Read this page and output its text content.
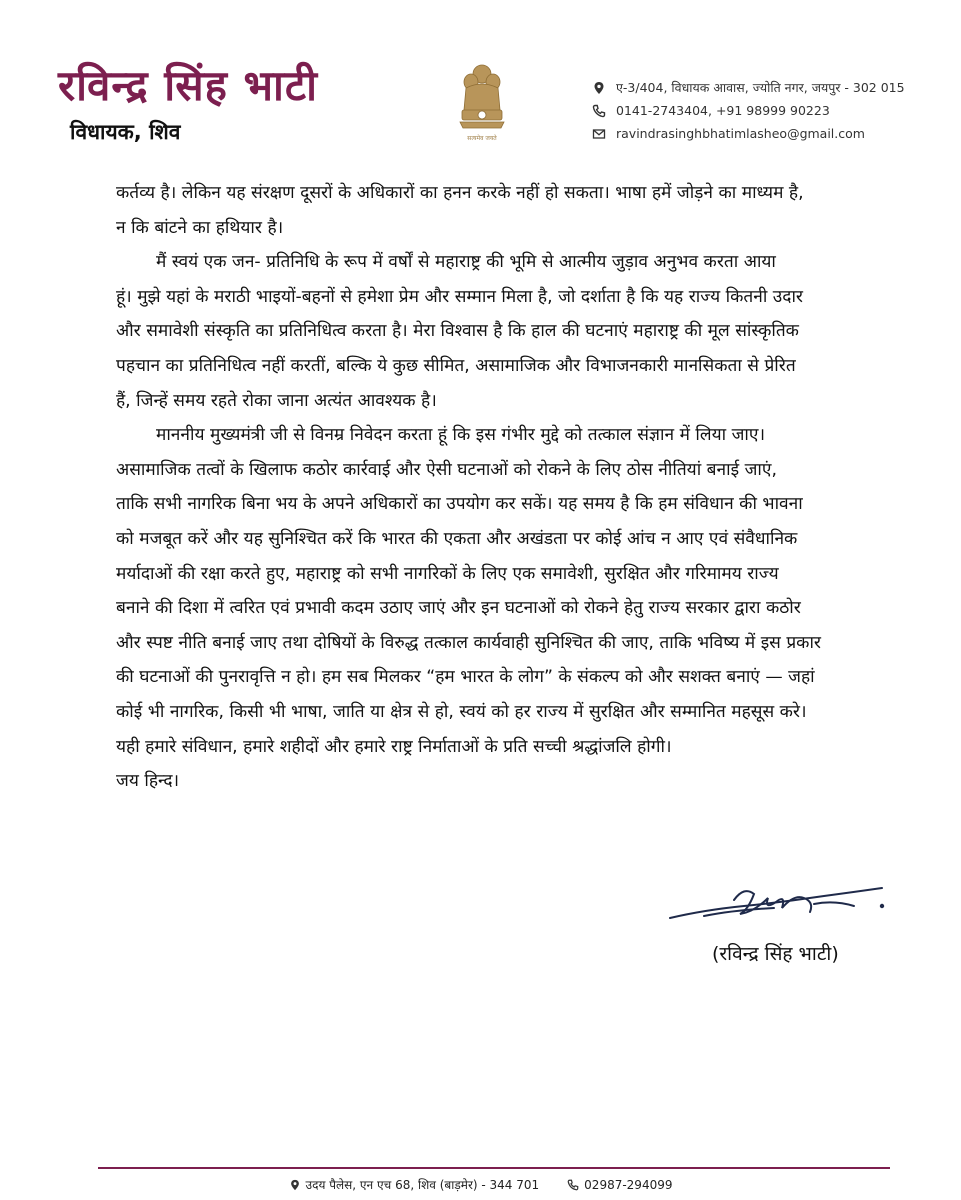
रविन्द्र सिंह भाटी
विधायक, शिव	सत्यमेव जयते
ए-3/404, विधायक आवास, ज्योति नगर, जयपुर - 302 015
0141-2743404, +91 98999 90223
ravindrasinghbhatimlasheo@gmail.com
कर्तव्य है। लेकिन यह संरक्षण दूसरों के अधिकारों का हनन करके नहीं हो सकता। भाषा हमें जोड़ने का माध्यम है,
न कि बांटने का हथियार है।
मैं स्वयं एक जन- प्रतिनिधि के रूप में वर्षों से महाराष्ट्र की भूमि से आत्मीय जुड़ाव अनुभव करता आया
हूं। मुझे यहां के मराठी भाइयों-बहनों से हमेशा प्रेम और सम्मान मिला है, जो दर्शाता है कि यह राज्य कितनी उदार
और समावेशी संस्कृति का प्रतिनिधित्व करता है। मेरा विश्वास है कि हाल की घटनाएं महाराष्ट्र की मूल सांस्कृतिक
पहचान का प्रतिनिधित्व नहीं करतीं, बल्कि ये कुछ सीमित, असामाजिक और विभाजनकारी मानसिकता से प्रेरित
हैं, जिन्हें समय रहते रोका जाना अत्यंत आवश्यक है।
माननीय मुख्यमंत्री जी से विनम्र निवेदन करता हूं कि इस गंभीर मुद्दे को तत्काल संज्ञान में लिया जाए।
असामाजिक तत्वों के खिलाफ कठोर कार्रवाई और ऐसी घटनाओं को रोकने के लिए ठोस नीतियां बनाई जाएं,
ताकि सभी नागरिक बिना भय के अपने अधिकारों का उपयोग कर सकें। यह समय है कि हम संविधान की भावना
को मजबूत करें और यह सुनिश्चित करें कि भारत की एकता और अखंडता पर कोई आंच न आए एवं संवैधानिक
मर्यादाओं की रक्षा करते हुए, महाराष्ट्र को सभी नागरिकों के लिए एक समावेशी, सुरक्षित और गरिमामय राज्य
बनाने की दिशा में त्वरित एवं प्रभावी कदम उठाए जाएं और इन घटनाओं को रोकने हेतु राज्य सरकार द्वारा कठोर
और स्पष्ट नीति बनाई जाए तथा दोषियों के विरुद्ध तत्काल कार्यवाही सुनिश्चित की जाए, ताकि भविष्य में इस प्रकार
की घटनाओं की पुनरावृत्ति न हो। हम सब मिलकर “हम भारत के लोग” के संकल्प को और सशक्त बनाएं — जहां
कोई भी नागरिक, किसी भी भाषा, जाति या क्षेत्र से हो, स्वयं को हर राज्य में सुरक्षित और सम्मानित महसूस करे।
यही हमारे संविधान, हमारे शहीदों और हमारे राष्ट्र निर्माताओं के प्रति सच्ची श्रद्धांजलि होगी।
जय हिन्द।
(रविन्द्र सिंह भाटी)
उदय पैलेस, एन एच 68, शिव (बाड़मेर) - 344 701	02987-294099
